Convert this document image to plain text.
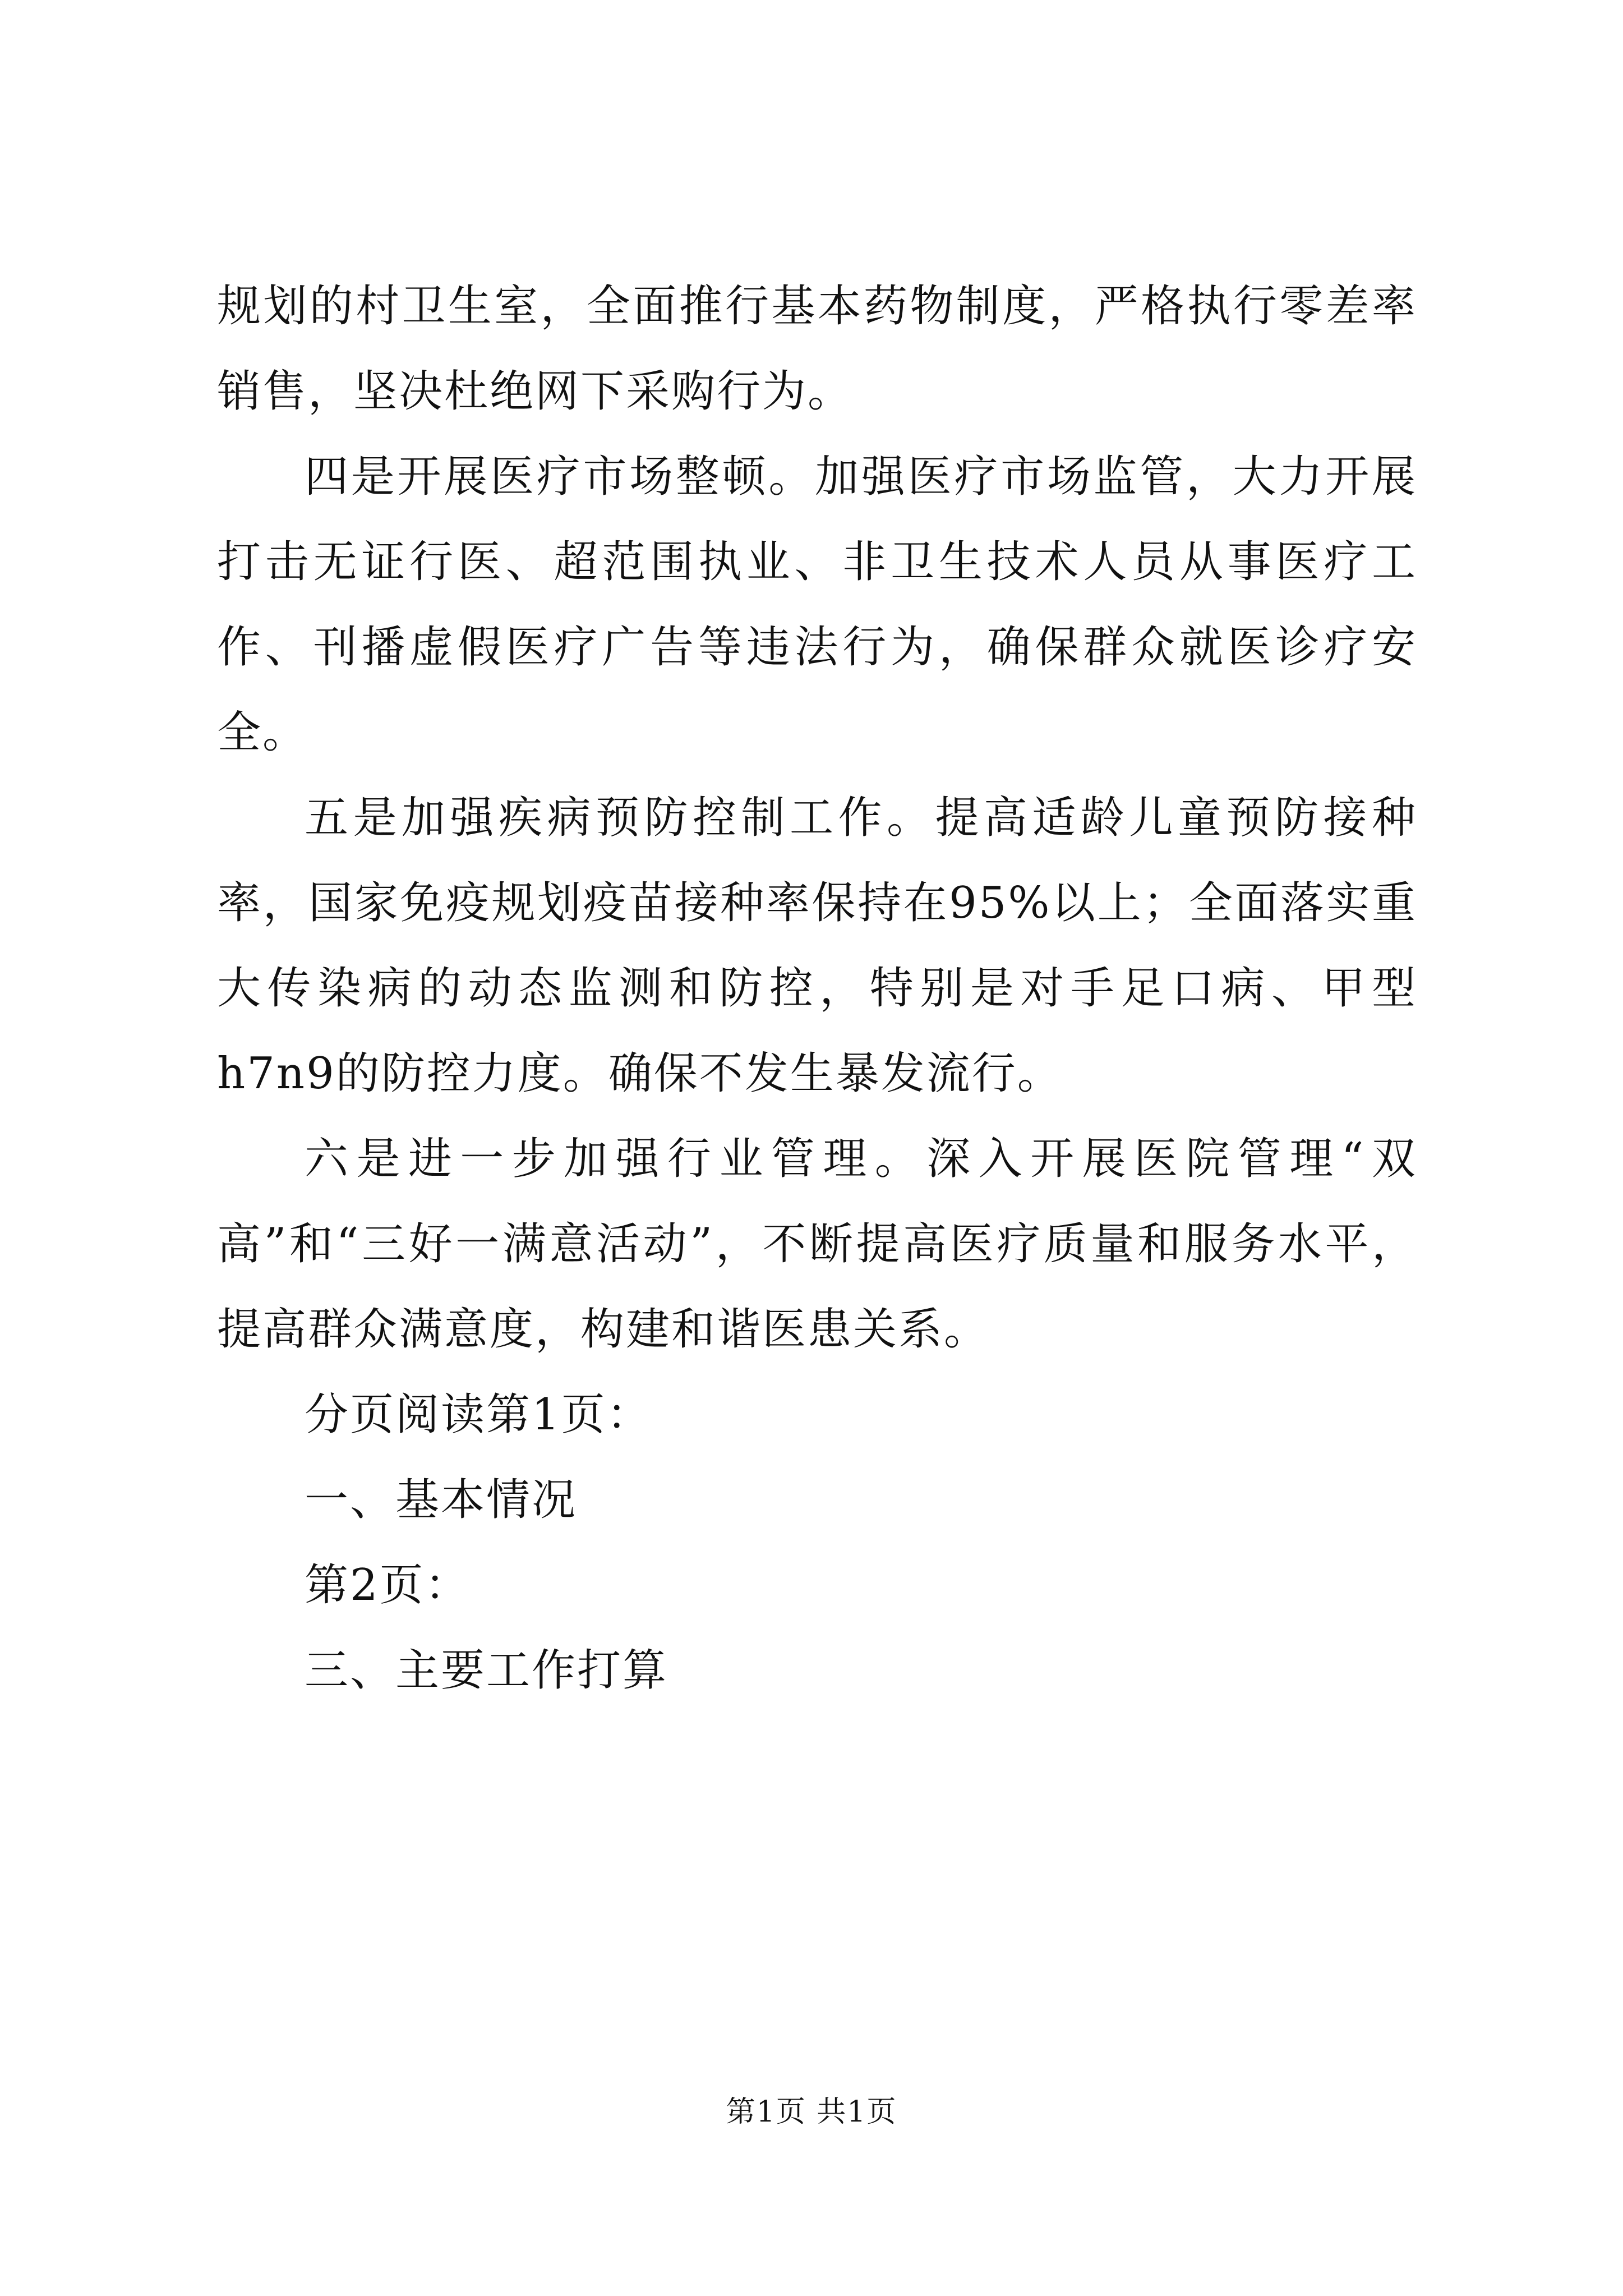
规划的村卫生室，全面推行基本药物制度，严格执行零差率销售，坚决杜绝网下采购行为。

四是开展医疗市场整顿。加强医疗市场监管，大力开展打击无证行医、超范围执业、非卫生技术人员从事医疗工作、刊播虚假医疗广告等违法行为，确保群众就医诊疗安全。

五是加强疾病预防控制工作。提高适龄儿童预防接种率，国家免疫规划疫苗接种率保持在95%以上；全面落实重大传染病的动态监测和防控，特别是对手足口病、甲型h7n9的防控力度。确保不发生暴发流行。

六是进一步加强行业管理。深入开展医院管理“双高”和“三好一满意活动”，不断提高医疗质量和服务水平，提高群众满意度，构建和谐医患关系。

分页阅读第1页：

一、基本情况

第2页：

三、主要工作打算

第1页 共1页
